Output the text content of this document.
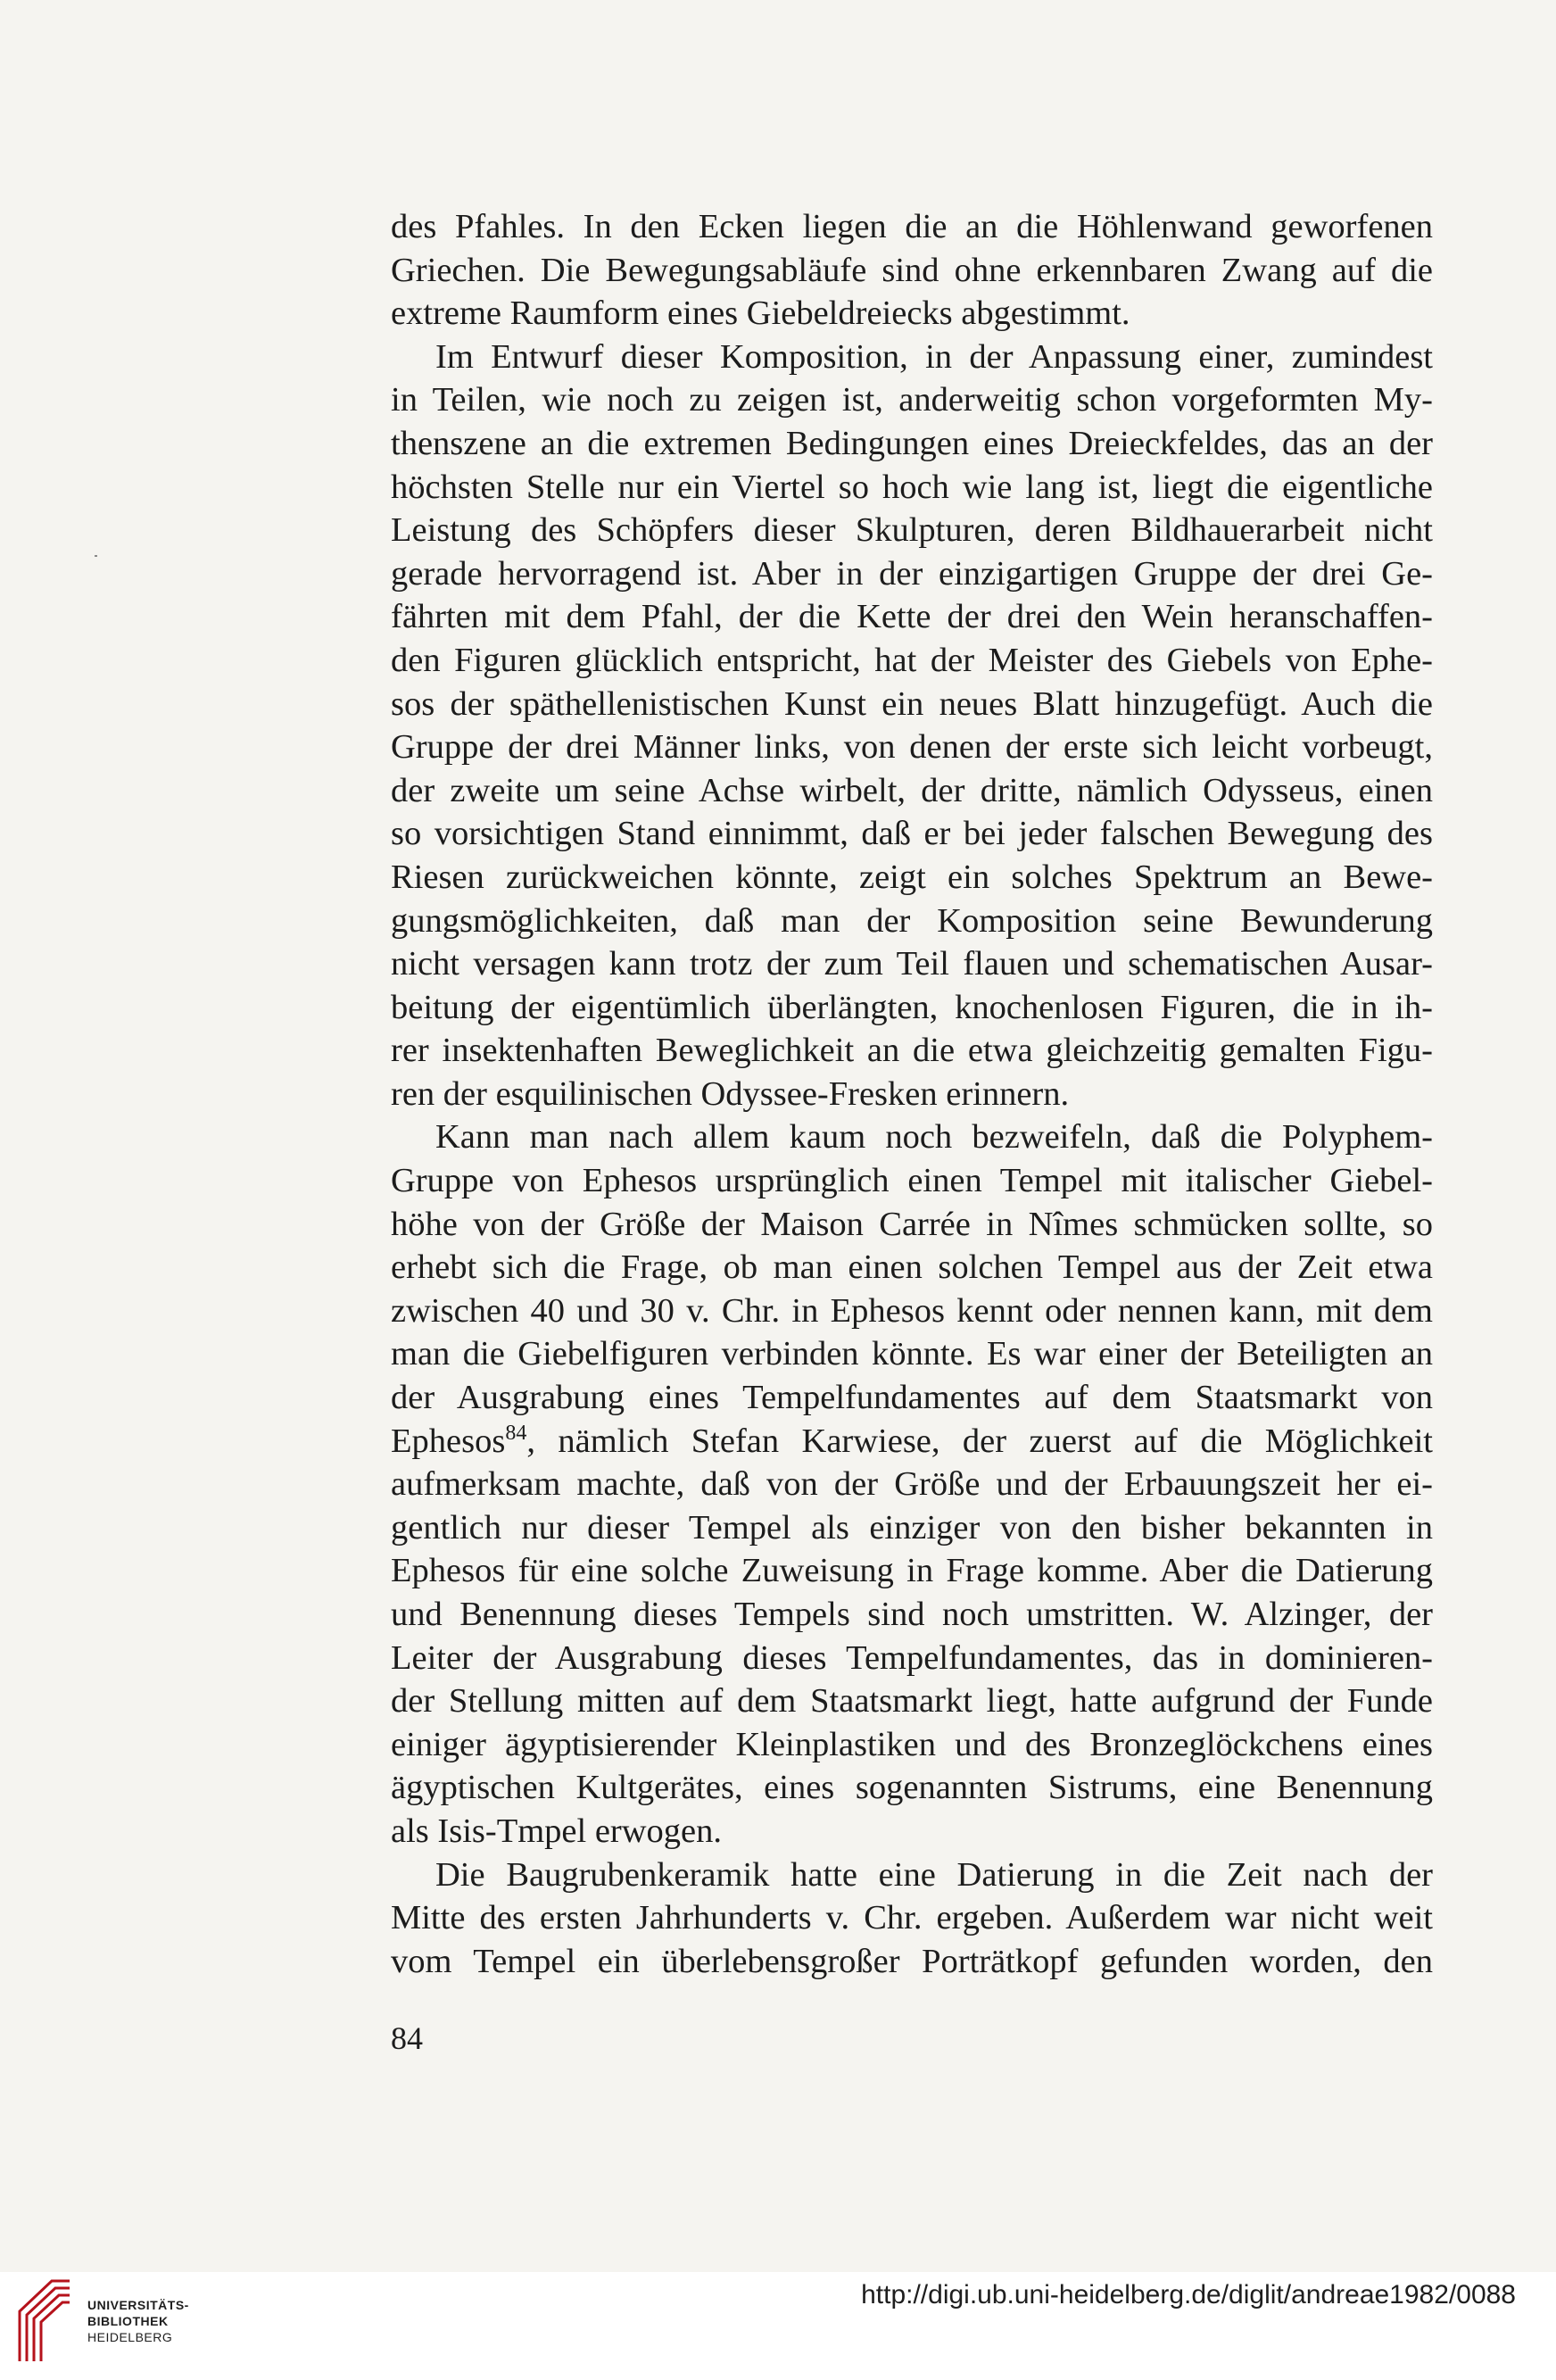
des Pfahles. In den Ecken liegen die an die Höhlenwand geworfenen
Griechen. Die Bewegungsabläufe sind ohne erkennbaren Zwang auf die
extreme Raumform eines Giebeldreiecks abgestimmt.
Im Entwurf dieser Komposition, in der Anpassung einer, zumindest
in Teilen, wie noch zu zeigen ist, anderweitig schon vorgeformten My-
thenszene an die extremen Bedingungen eines Dreieckfeldes, das an der
höchsten Stelle nur ein Viertel so hoch wie lang ist, liegt die eigentliche
Leistung des Schöpfers dieser Skulpturen, deren Bildhauerarbeit nicht
gerade hervorragend ist. Aber in der einzigartigen Gruppe der drei Ge-
fährten mit dem Pfahl, der die Kette der drei den Wein heranschaffen-
den Figuren glücklich entspricht, hat der Meister des Giebels von Ephe-
sos der späthellenistischen Kunst ein neues Blatt hinzugefügt. Auch die
Gruppe der drei Männer links, von denen der erste sich leicht vorbeugt,
der zweite um seine Achse wirbelt, der dritte, nämlich Odysseus, einen
so vorsichtigen Stand einnimmt, daß er bei jeder falschen Bewegung des
Riesen zurückweichen könnte, zeigt ein solches Spektrum an Bewe-
gungsmöglichkeiten, daß man der Komposition seine Bewunderung
nicht versagen kann trotz der zum Teil flauen und schematischen Ausar-
beitung der eigentümlich überlängten, knochenlosen Figuren, die in ih-
rer insektenhaften Beweglichkeit an die etwa gleichzeitig gemalten Figu-
ren der esquilinischen Odyssee-Fresken erinnern.
Kann man nach allem kaum noch bezweifeln, daß die Polyphem-
Gruppe von Ephesos ursprünglich einen Tempel mit italischer Giebel-
höhe von der Größe der Maison Carrée in Nîmes schmücken sollte, so
erhebt sich die Frage, ob man einen solchen Tempel aus der Zeit etwa
zwischen 40 und 30 v. Chr. in Ephesos kennt oder nennen kann, mit dem
man die Giebelfiguren verbinden könnte. Es war einer der Beteiligten an
der Ausgrabung eines Tempelfundamentes auf dem Staatsmarkt von
Ephesos$^{84}$, nämlich Stefan Karwiese, der zuerst auf die Möglichkeit
aufmerksam machte, daß von der Größe und der Erbauungszeit her ei-
gentlich nur dieser Tempel als einziger von den bisher bekannten in
Ephesos für eine solche Zuweisung in Frage komme. Aber die Datierung
und Benennung dieses Tempels sind noch umstritten. W. Alzinger, der
Leiter der Ausgrabung dieses Tempelfundamentes, das in dominieren-
der Stellung mitten auf dem Staatsmarkt liegt, hatte aufgrund der Funde
einiger ägyptisierender Kleinplastiken und des Bronzeglöckchens eines
ägyptischen Kultgerätes, eines sogenannten Sistrums, eine Benennung
als Isis-Tmpel erwogen.
Die Baugrubenkeramik hatte eine Datierung in die Zeit nach der
Mitte des ersten Jahrhunderts v. Chr. ergeben. Außerdem war nicht weit
vom Tempel ein überlebensgroßer Porträtkopf gefunden worden, den
84
UNIVERSITÄTS-
BIBLIOTHEK
HEIDELBERG
http://digi.ub.uni-heidelberg.de/diglit/andreae1982/0088
